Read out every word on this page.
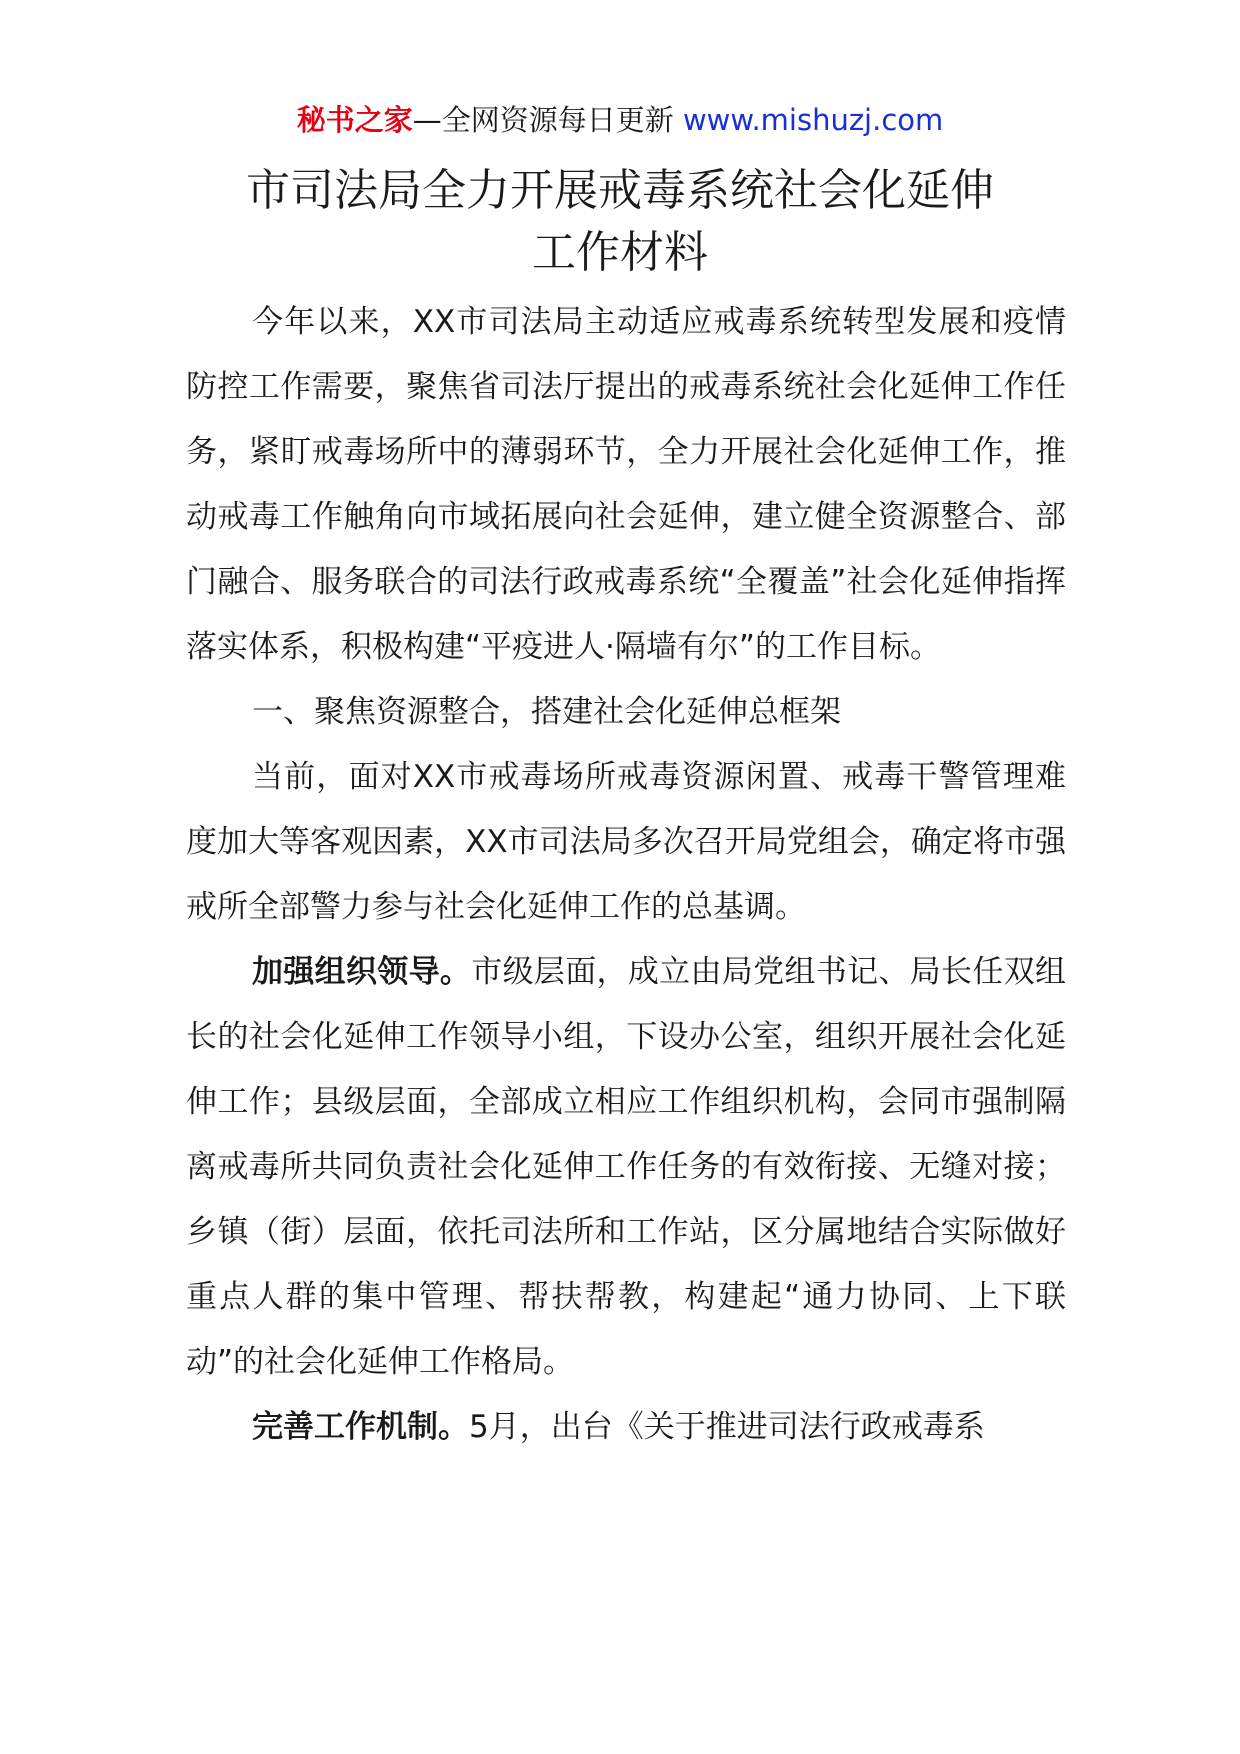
秘书之家—全网资源每日更新 www.mishuzj.com
市司法局全力开展戒毒系统社会化延伸
工作材料

今年以来，XX市司法局主动适应戒毒系统转型发展和疫情防控工作需要，聚焦省司法厅提出的戒毒系统社会化延伸工作任务，紧盯戒毒场所中的薄弱环节，全力开展社会化延伸工作，推动戒毒工作触角向市域拓展向社会延伸，建立健全资源整合、部门融合、服务联合的司法行政戒毒系统“全覆盖”社会化延伸指挥落实体系，积极构建“平疫进人·隔墙有尔”的工作目标。

一、聚焦资源整合，搭建社会化延伸总框架

当前，面对XX市戒毒场所戒毒资源闲置、戒毒干警管理难度加大等客观因素，XX市司法局多次召开局党组会，确定将市强戒所全部警力参与社会化延伸工作的总基调。

加强组织领导。市级层面，成立由局党组书记、局长任双组长的社会化延伸工作领导小组，下设办公室，组织开展社会化延伸工作；县级层面，全部成立相应工作组织机构，会同市强制隔离戒毒所共同负责社会化延伸工作任务的有效衔接、无缝对接；乡镇（街）层面，依托司法所和工作站，区分属地结合实际做好重点人群的集中管理、帮扶帮教，构建起“通力协同、上下联动”的社会化延伸工作格局。

完善工作机制。5月，出台《关于推进司法行政戒毒系
